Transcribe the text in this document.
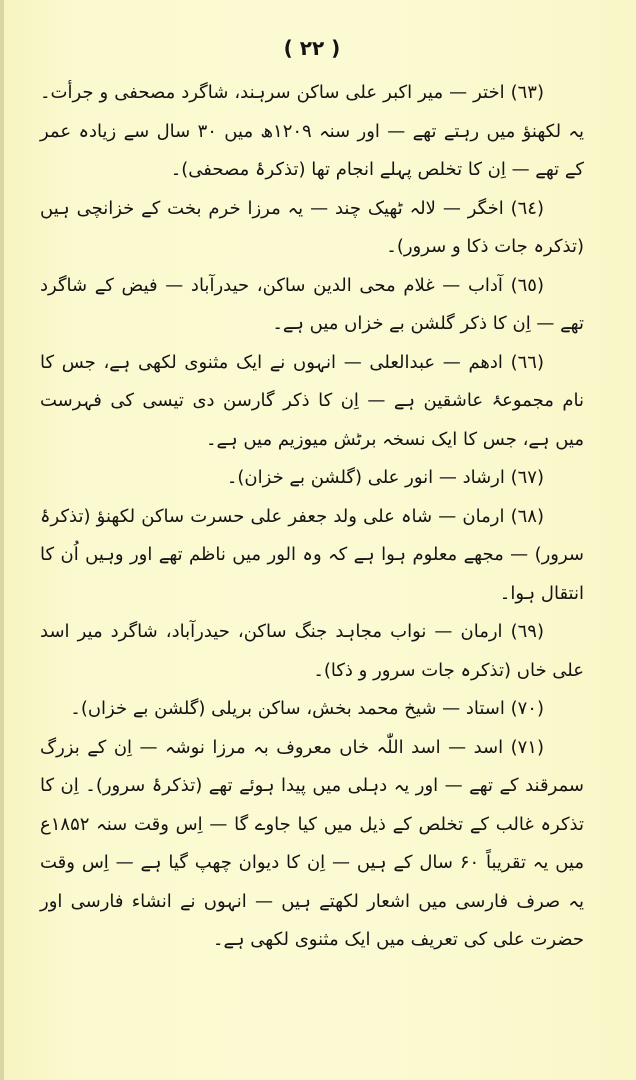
( ٢٢ )

(٦٣) اختر — میر اکبر علی ساکن سرہند، شاگرد مصحفی و جرأت۔ یہ لکھنؤ میں رہتے تھے — اور سنہ ۱۲۰۹ھ میں ۳۰ سال سے زیادہ عمر کے تھے — اِن کا تخلص پہلے انجام تھا (تذکرۂ مصحفی)۔

(٦٤) اخگر — لالہ ٹھیک چند — یہ مرزا خرم بخت کے خزانچی ہیں (تذکرہ جات ذکا و سرور)۔

(٦٥) آداب — غلام محی الدین ساکن، حیدرآباد — فیض کے شاگرد تھے — اِن کا ذکر گلشن بے خزاں میں ہے۔

(٦٦) ادھم — عبدالعلی — انہوں نے ایک مثنوی لکھی ہے، جس کا نام مجموعۂ عاشقین ہے — اِن کا ذکر گارسن دی تیسی کی فہرست میں ہے، جس کا ایک نسخہ برٹش میوزیم میں ہے۔

(٦٧) ارشاد — انور علی (گلشن بے خزان)۔

(٦٨) ارمان — شاہ علی ولد جعفر علی حسرت ساکن لکھنؤ (تذکرۂ سرور) — مجھے معلوم ہوا ہے کہ وہ الور میں ناظم تھے اور وہیں اُن کا انتقال ہوا۔

(٦٩) ارمان — نواب مجاہد جنگ ساکن، حیدرآباد، شاگرد میر اسد علی خاں (تذکرہ جات سرور و ذکا)۔

(٧٠) استاد — شیخ محمد بخش، ساکن بریلی (گلشن بے خزاں)۔

(٧١) اسد — اسد اللّٰہ خاں معروف بہ مرزا نوشہ — اِن کے بزرگ سمرقند کے تھے — اور یہ دہلی میں پیدا ہوئے تھے (تذکرۂ سرور)۔ اِن کا تذکرہ غالب کے تخلص کے ذیل میں کیا جاوے گا — اِس وقت سنہ ۱۸۵۲ع میں یہ تقریباً ۶۰ سال کے ہیں — اِن کا دیوان چھپ گیا ہے — اِس وقت یہ صرف فارسی میں اشعار لکھتے ہیں — انہوں نے انشاء فارسی اور حضرت علی کی تعریف میں ایک مثنوی لکھی ہے۔
